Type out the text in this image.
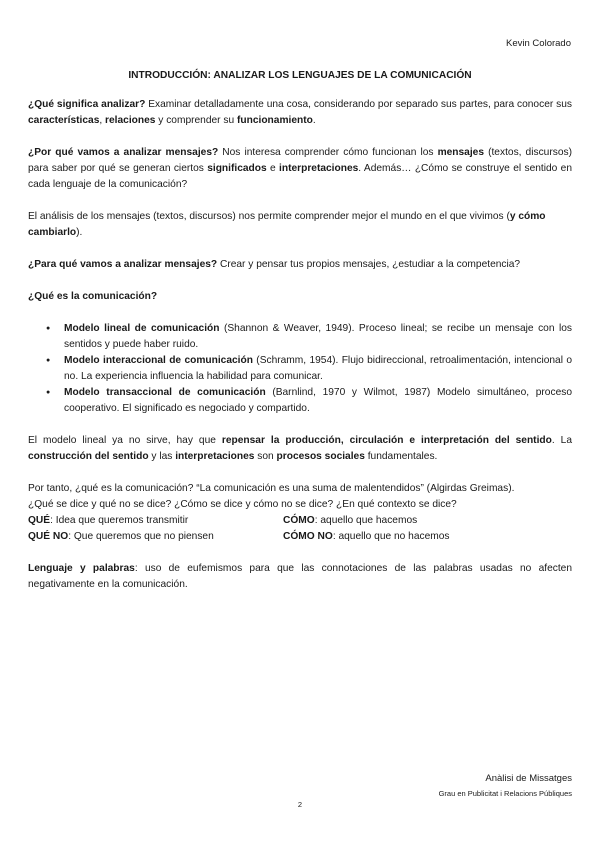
Kevin Colorado
INTRODUCCIÓN: ANALIZAR LOS LENGUAJES DE LA COMUNICACIÓN

¿Qué significa analizar? Examinar detalladamente una cosa, considerando por separado sus partes, para conocer sus características, relaciones y comprender su funcionamiento.

¿Por qué vamos a analizar mensajes? Nos interesa comprender cómo funcionan los mensajes (textos, discursos) para saber por qué se generan ciertos significados e interpretaciones. Además… ¿Cómo se construye el sentido en cada lenguaje de la comunicación?

El análisis de los mensajes (textos, discursos) nos permite comprender mejor el mundo en el que vivimos (y cómo cambiarlo).

¿Para qué vamos a analizar mensajes? Crear y pensar tus propios mensajes, ¿estudiar a la competencia?

¿Qué es la comunicación?

● Modelo lineal de comunicación (Shannon & Weaver, 1949). Proceso lineal; se recibe un mensaje con los sentidos y puede haber ruido.
● Modelo interaccional de comunicación (Schramm, 1954). Flujo bidireccional, retroalimentación, intencional o no. La experiencia influencia la habilidad para comunicar.
● Modelo transaccional de comunicación (Barnlind, 1970 y Wilmot, 1987) Modelo simultáneo, proceso cooperativo. El significado es negociado y compartido.

El modelo lineal ya no sirve, hay que repensar la producción, circulación e interpretación del sentido. La construcción del sentido y las interpretaciones son procesos sociales fundamentales.

Por tanto, ¿qué es la comunicación? “La comunicación es una suma de malentendidos” (Algirdas Greimas).
¿Qué se dice y qué no se dice? ¿Cómo se dice y cómo no se dice? ¿En qué contexto se dice?
QUÉ: Idea que queremos transmitir	CÓMO: aquello que hacemos
QUÉ NO: Que queremos que no piensen	CÓMO NO: aquello que no hacemos

Lenguaje y palabras: uso de eufemismos para que las connotaciones de las palabras usadas no afecten negativamente en la comunicación.

Anàlisi de Missatges
Grau en Publicitat i Relacions Públiques
2
